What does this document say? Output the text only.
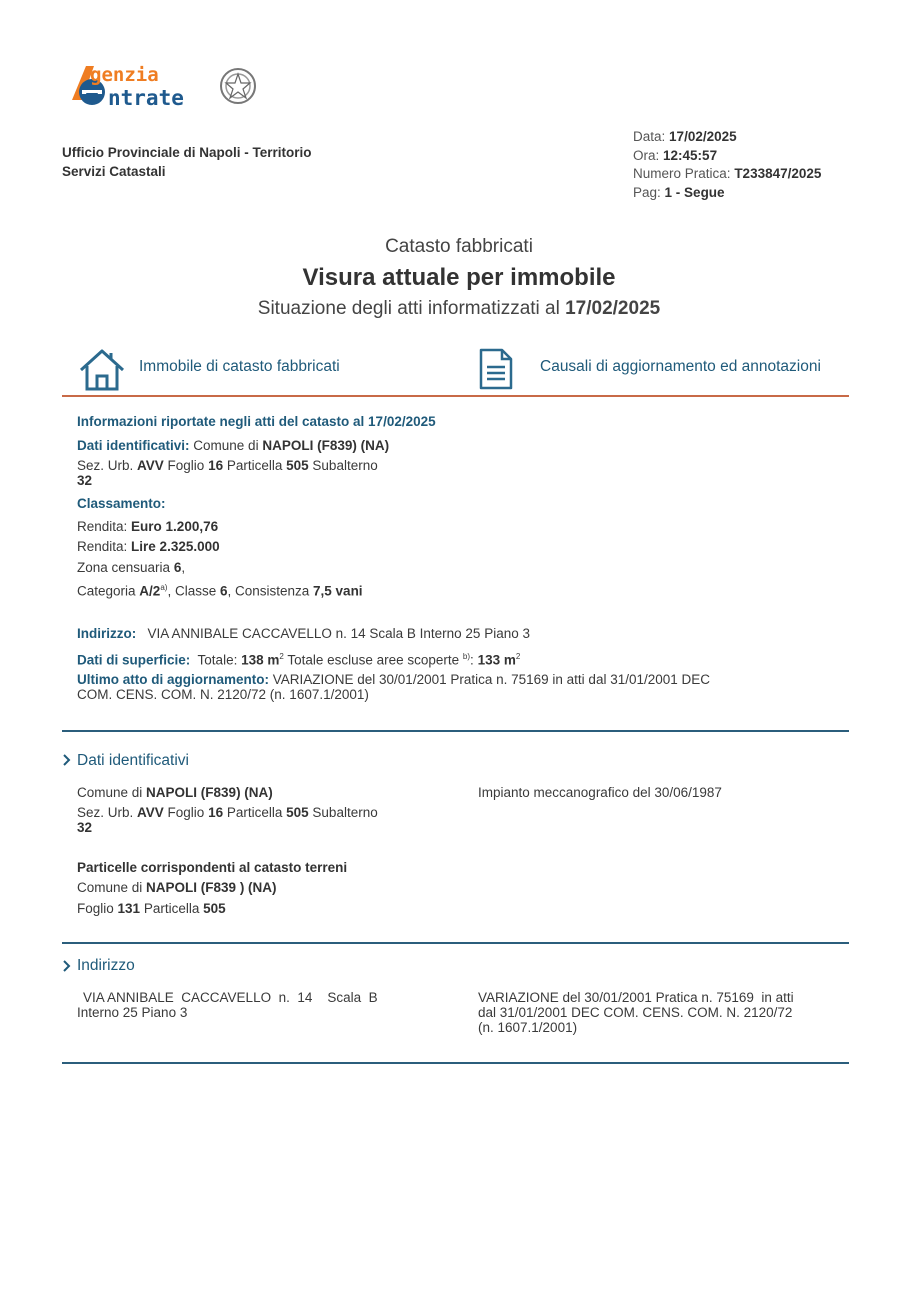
genzia
ntrate
Ufficio Provinciale di Napoli - Territorio
Servizi Catastali
Data: 17/02/2025
Ora: 12:45:57
Numero Pratica: T233847/2025
Pag: 1 - Segue
Catasto fabbricati
Visura attuale per immobile
Situazione degli atti informatizzati al 17/02/2025
Immobile di catasto fabbricati	Causali di aggiornamento ed annotazioni
Informazioni riportate negli atti del catasto al 17/02/2025
Dati identificativi: Comune di NAPOLI (F839) (NA)
Sez. Urb. AVV Foglio 16 Particella 505 Subalterno
32
Classamento:
Rendita: Euro 1.200,76
Rendita: Lire 2.325.000
Zona censuaria 6,
Categoria A/2$^{a)}$, Classe 6, Consistenza 7,5 vani
Indirizzo: VIA ANNIBALE CACCAVELLO n. 14 Scala B Interno 25 Piano 3
Dati di superficie: Totale: 138 $m^2$ Totale escluse aree scoperte $^{b)}$: 133 $m^2$
Ultimo atto di aggiornamento: VARIAZIONE del 30/01/2001 Pratica n. 75169 in atti dal 31/01/2001 DEC
COM. CENS. COM. N. 2120/72 (n. 1607.1/2001)
Dati identificativi
Comune di NAPOLI (F839) (NA)
Sez. Urb. AVV Foglio 16 Particella 505 Subalterno
32
Impianto meccanografico del 30/06/1987
Particelle corrispondenti al catasto terreni
Comune di NAPOLI (F839 ) (NA)
Foglio 131 Particella 505
Indirizzo
VIA ANNIBALE  CACCAVELLO  n.  14    Scala  B
Interno 25 Piano 3
VARIAZIONE del 30/01/2001 Pratica n. 75169  in atti
dal 31/01/2001 DEC COM. CENS. COM. N. 2120/72
(n. 1607.1/2001)
